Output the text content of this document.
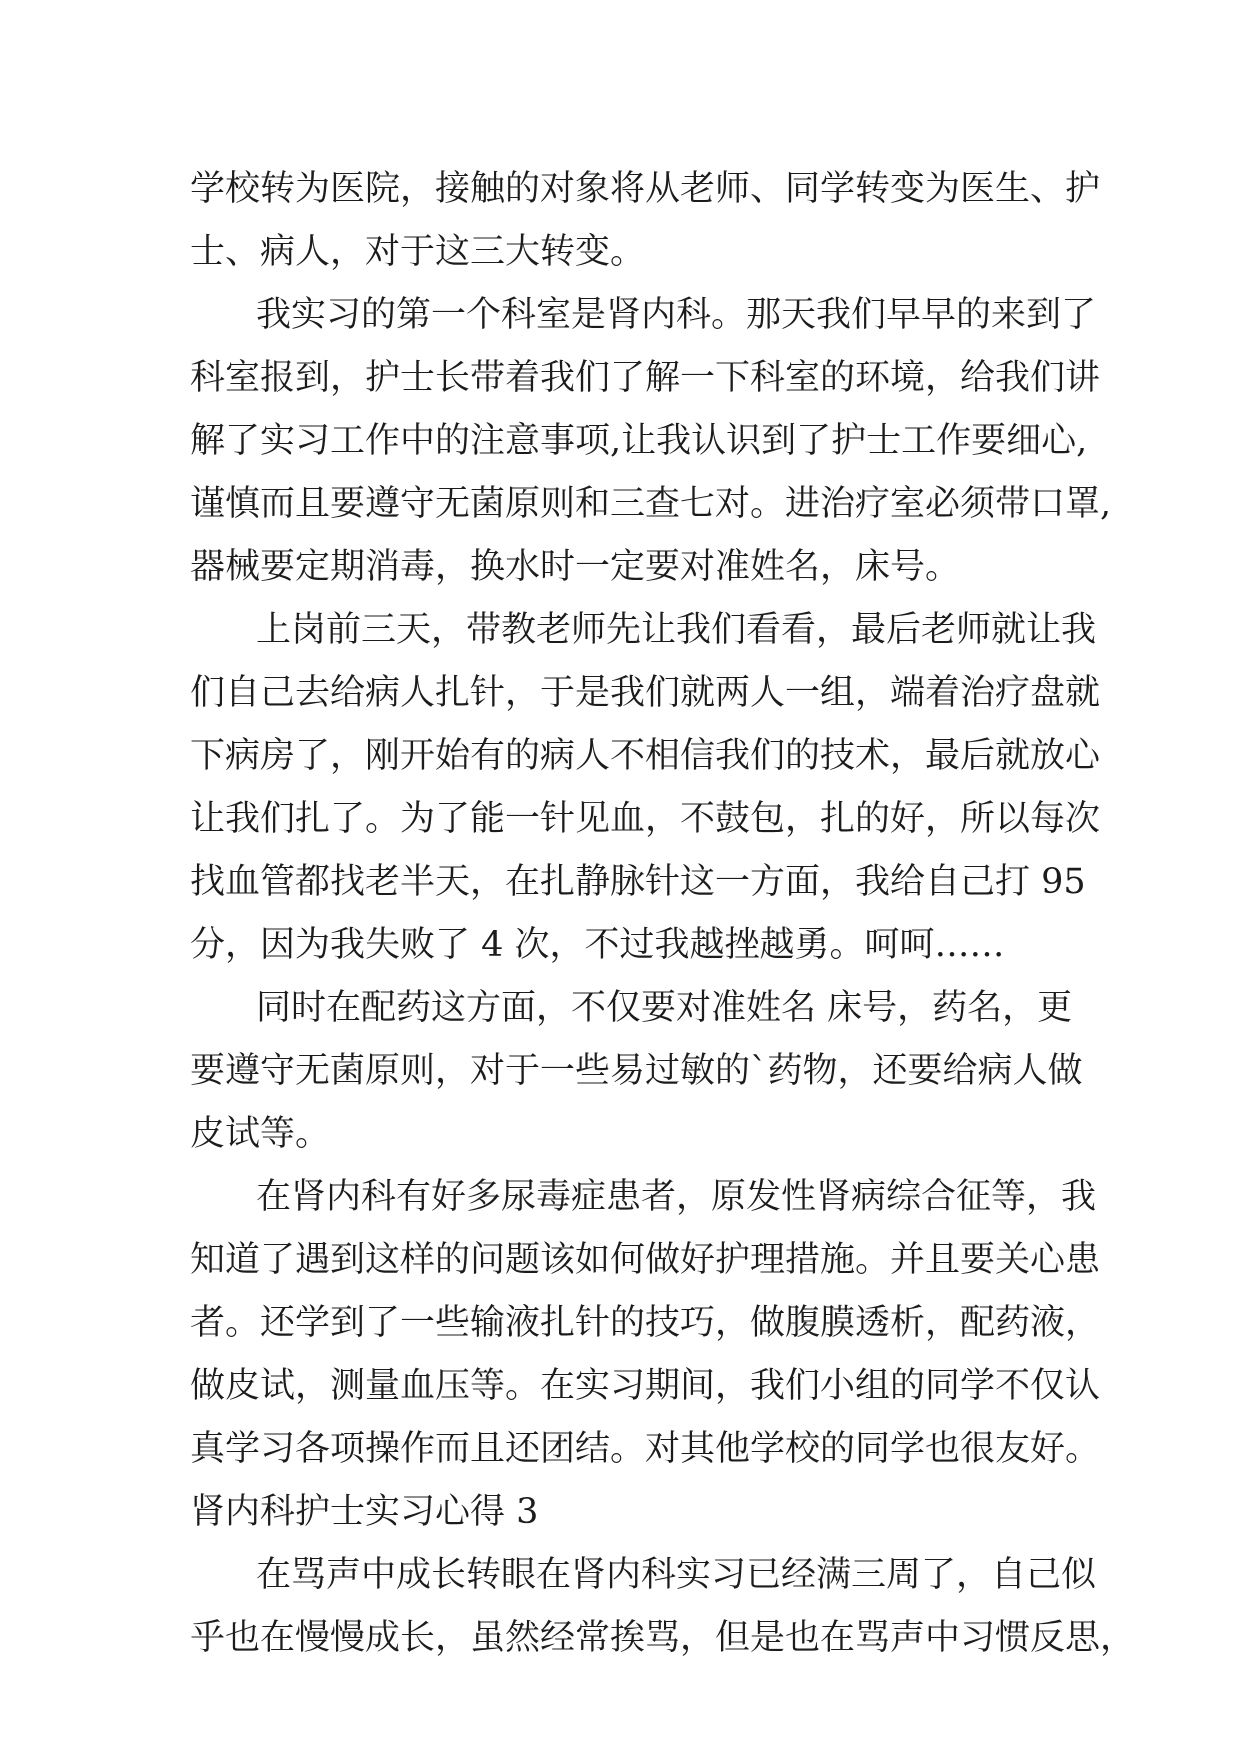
学校转为医院，接触的对象将从老师、同学转变为医生、护
士、病人，对于这三大转变。
我实习的第一个科室是肾内科。那天我们早早的来到了
科室报到，护士长带着我们了解一下科室的环境，给我们讲
解了实习工作中的注意事项,让我认识到了护士工作要细心,
谨慎而且要遵守无菌原则和三查七对。进治疗室必须带口罩,
器械要定期消毒，换水时一定要对准姓名，床号。
上岗前三天，带教老师先让我们看看，最后老师就让我
们自己去给病人扎针，于是我们就两人一组，端着治疗盘就
下病房了，刚开始有的病人不相信我们的技术，最后就放心
让我们扎了。为了能一针见血，不鼓包，扎的好，所以每次
找血管都找老半天，在扎静脉针这一方面，我给自己打 95
分，因为我失败了 4 次，不过我越挫越勇。呵呵……
同时在配药这方面，不仅要对准姓名 床号，药名，更
要遵守无菌原则，对于一些易过敏的`药物，还要给病人做
皮试等。
在肾内科有好多尿毒症患者，原发性肾病综合征等，我
知道了遇到这样的问题该如何做好护理措施。并且要关心患
者。还学到了一些输液扎针的技巧，做腹膜透析，配药液，
做皮试，测量血压等。在实习期间，我们小组的同学不仅认
真学习各项操作而且还团结。对其他学校的同学也很友好。
肾内科护士实习心得 3
在骂声中成长转眼在肾内科实习已经满三周了，自己似
乎也在慢慢成长，虽然经常挨骂，但是也在骂声中习惯反思，
